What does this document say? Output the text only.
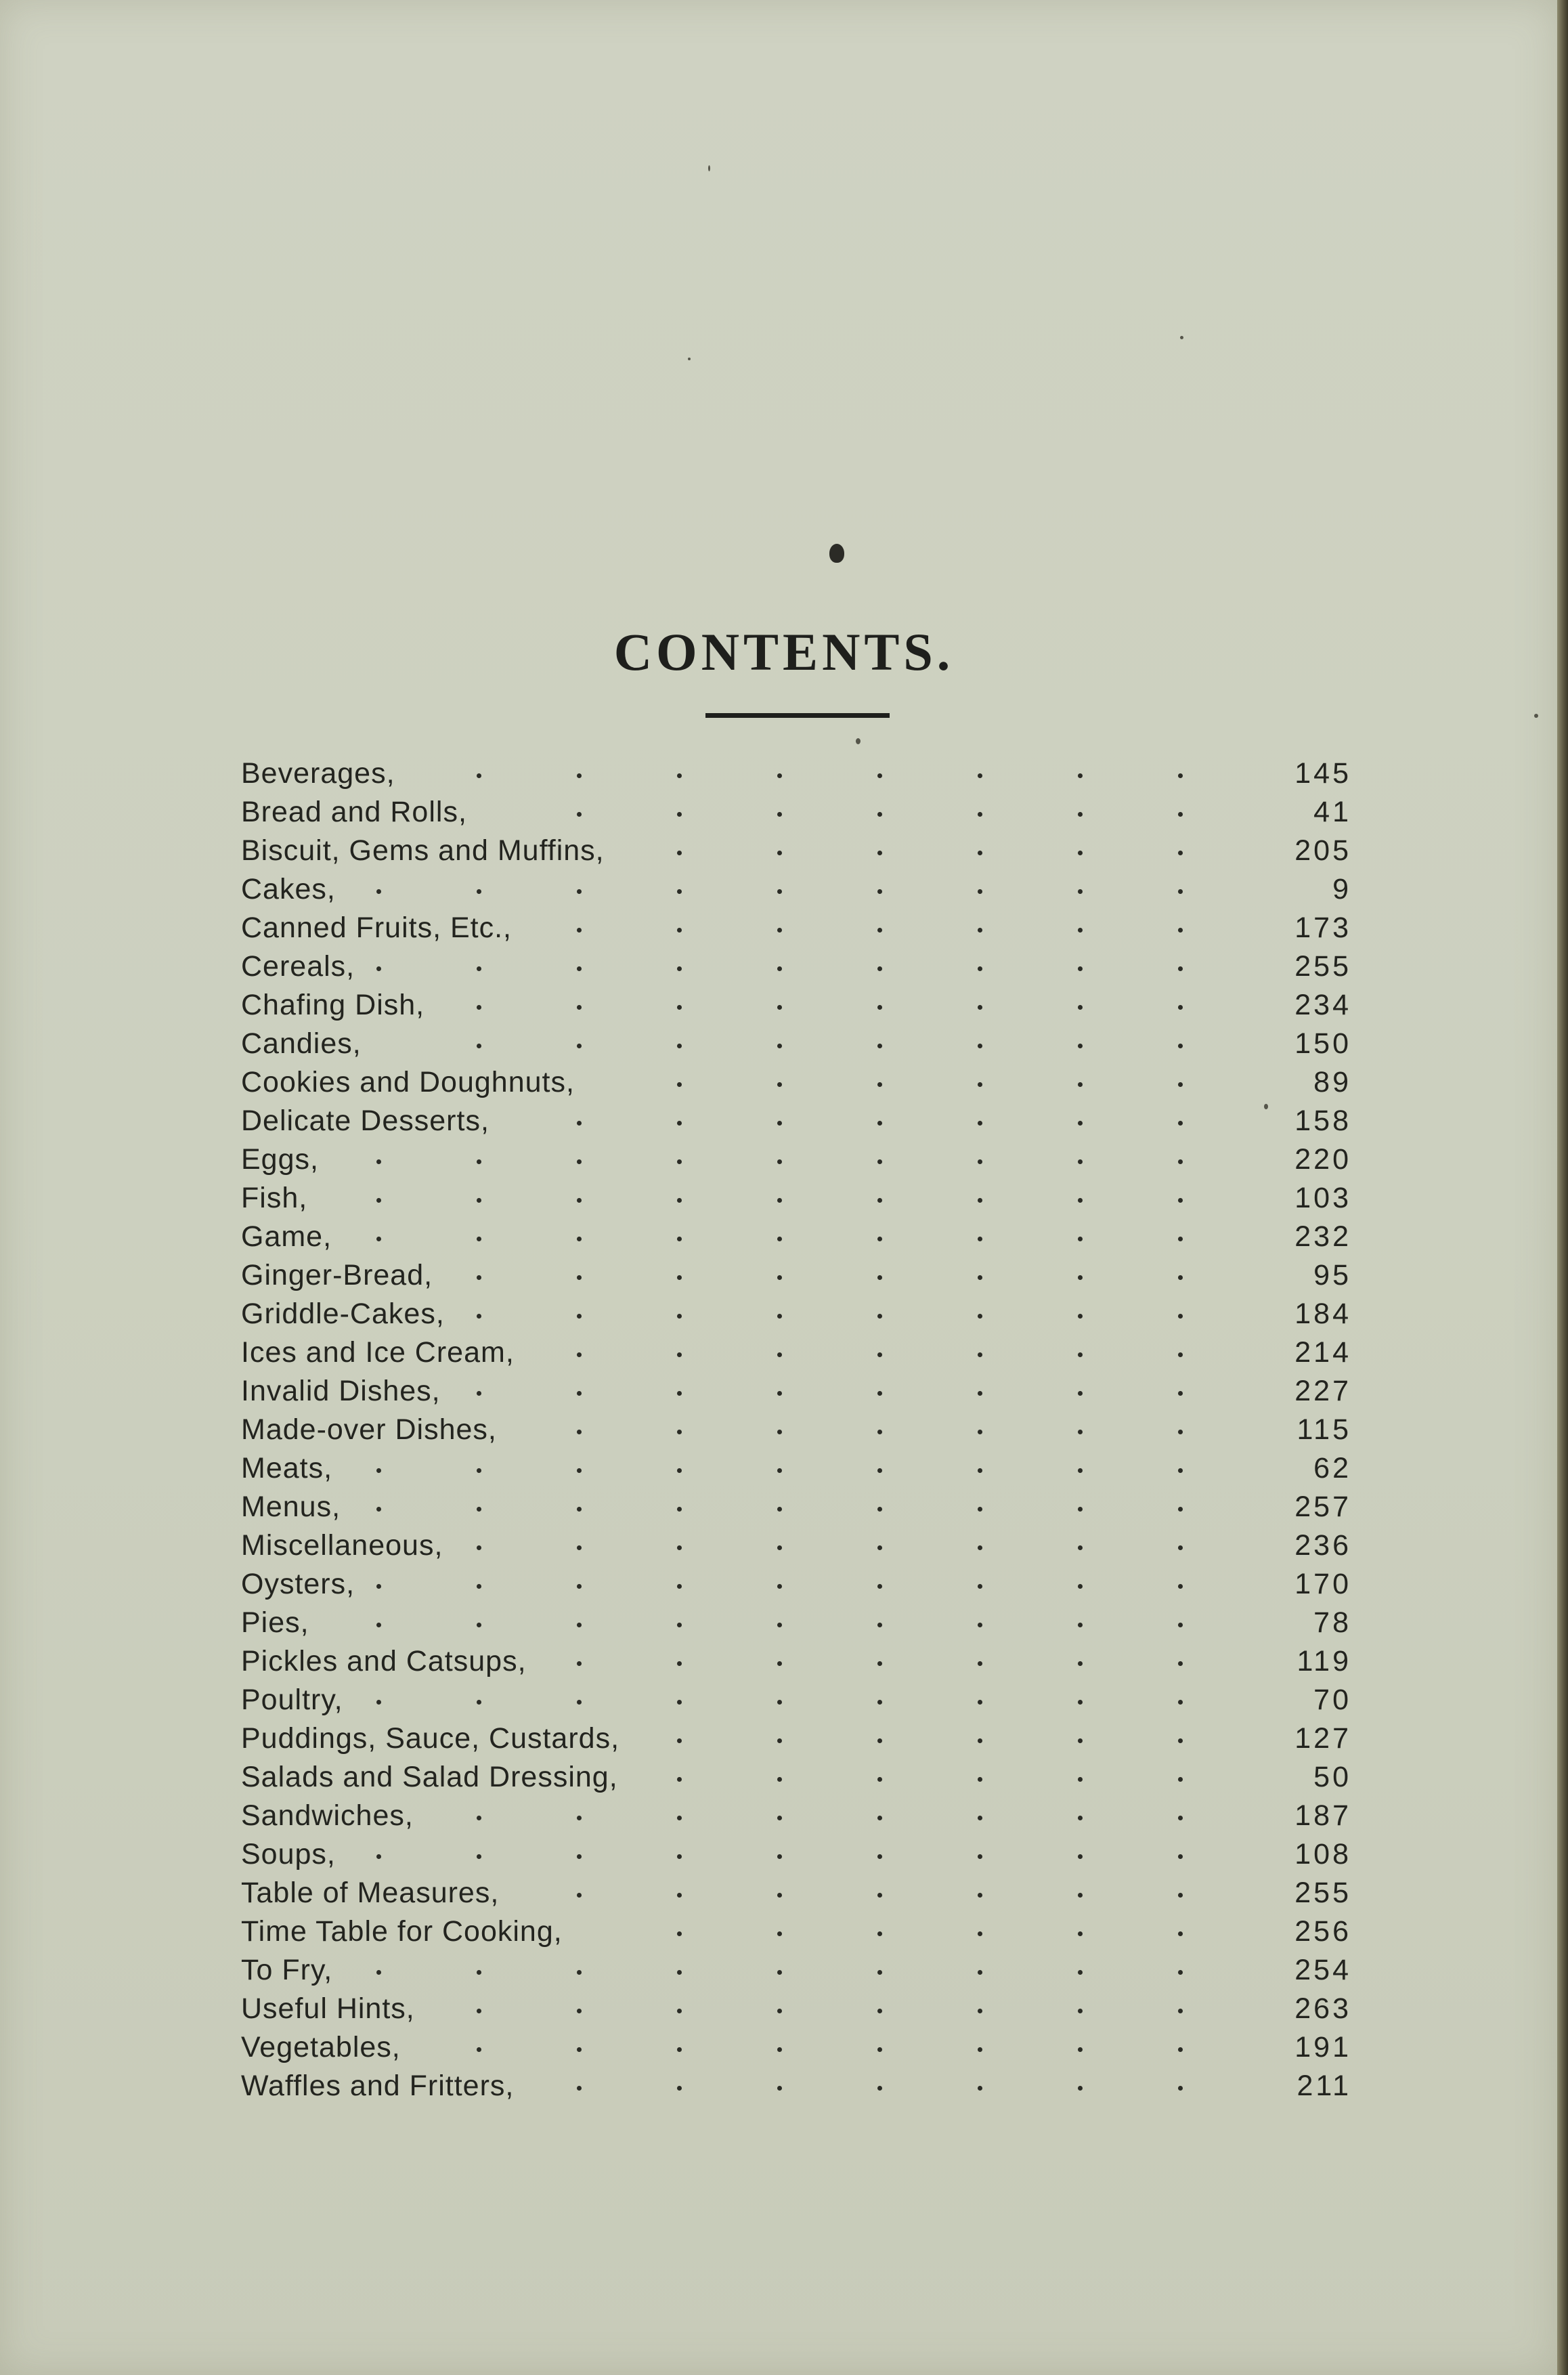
CONTENTS.
Beverages,	145
Bread and Rolls,	41
Biscuit, Gems and Muffins,	205
Cakes,	9
Canned Fruits, Etc.,	173
Cereals,	255
Chafing Dish,	234
Candies,	150
Cookies and Doughnuts,	89
Delicate Desserts,	158
Eggs,	220
Fish,	103
Game,	232
Ginger-Bread,	95
Griddle-Cakes,	184
Ices and Ice Cream,	214
Invalid Dishes,	227
Made-over Dishes,	115
Meats,	62
Menus,	257
Miscellaneous,	236
Oysters,	170
Pies,	78
Pickles and Catsups,	119
Poultry,	70
Puddings, Sauce, Custards,	127
Salads and Salad Dressing,	50
Sandwiches,	187
Soups,	108
Table of Measures,	255
Time Table for Cooking,	256
To Fry,	254
Useful Hints,	263
Vegetables,	191
Waffles and Fritters,	211
